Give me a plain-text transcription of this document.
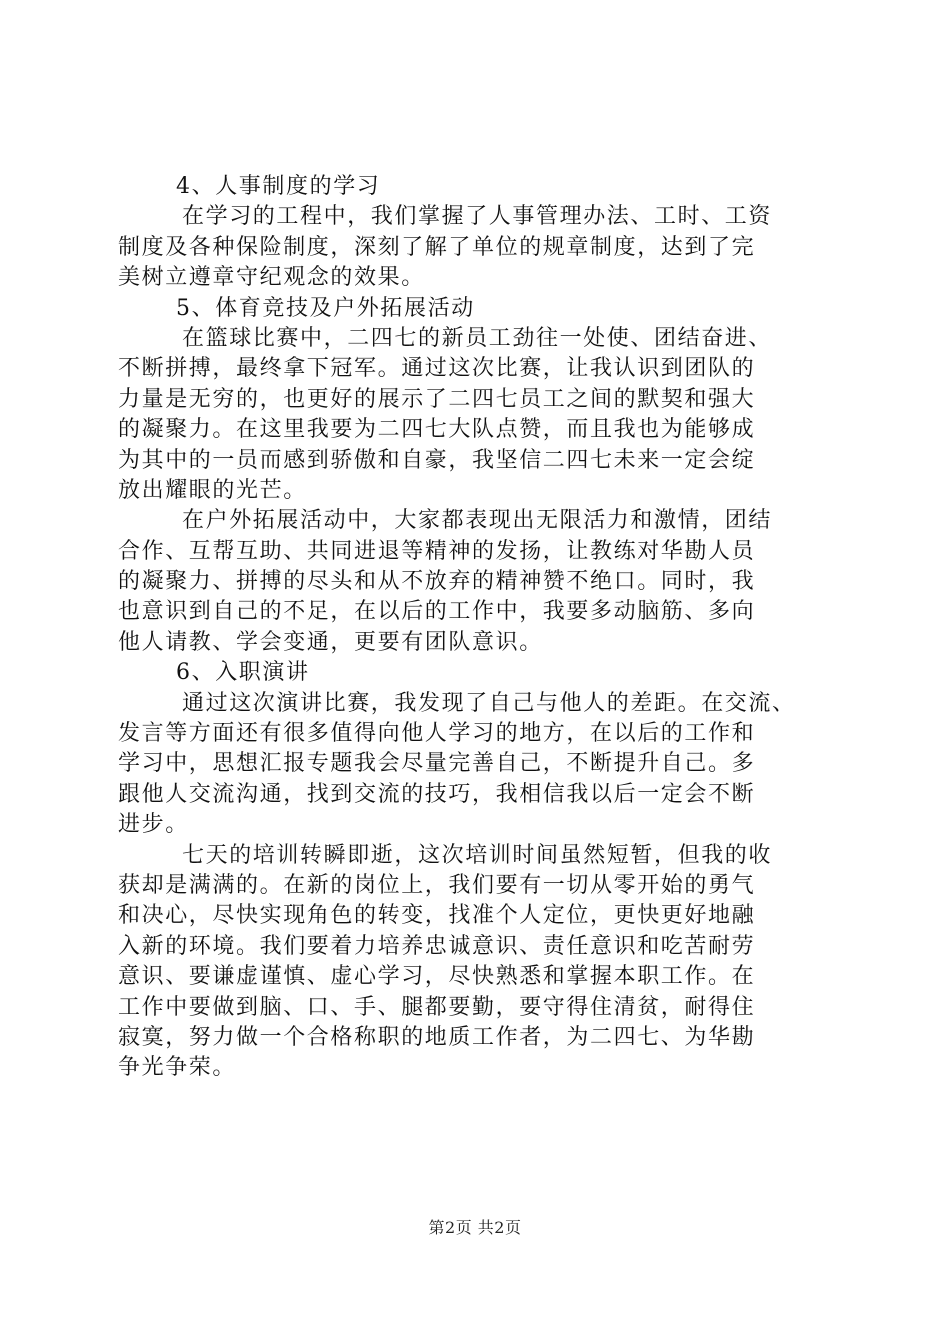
4、人事制度的学习
在学习的工程中，我们掌握了人事管理办法、工时、工资
制度及各种保险制度，深刻了解了单位的规章制度，达到了完
美树立遵章守纪观念的效果。
5、体育竞技及户外拓展活动
在篮球比赛中，二四七的新员工劲往一处使、团结奋进、
不断拼搏，最终拿下冠军。通过这次比赛，让我认识到团队的
力量是无穷的，也更好的展示了二四七员工之间的默契和强大
的凝聚力。在这里我要为二四七大队点赞，而且我也为能够成
为其中的一员而感到骄傲和自豪，我坚信二四七未来一定会绽
放出耀眼的光芒。
在户外拓展活动中，大家都表现出无限活力和激情，团结
合作、互帮互助、共同进退等精神的发扬，让教练对华勘人员
的凝聚力、拼搏的尽头和从不放弃的精神赞不绝口。同时，我
也意识到自己的不足，在以后的工作中，我要多动脑筋、多向
他人请教、学会变通，更要有团队意识。
6、入职演讲
通过这次演讲比赛，我发现了自己与他人的差距。在交流、
发言等方面还有很多值得向他人学习的地方，在以后的工作和
学习中，思想汇报专题我会尽量完善自己，不断提升自己。多
跟他人交流沟通，找到交流的技巧，我相信我以后一定会不断
进步。
七天的培训转瞬即逝，这次培训时间虽然短暂，但我的收
获却是满满的。在新的岗位上，我们要有一切从零开始的勇气
和决心，尽快实现角色的转变，找准个人定位，更快更好地融
入新的环境。我们要着力培养忠诚意识、责任意识和吃苦耐劳
意识、要谦虚谨慎、虚心学习，尽快熟悉和掌握本职工作。在
工作中要做到脑、口、手、腿都要勤，要守得住清贫，耐得住
寂寞，努力做一个合格称职的地质工作者，为二四七、为华勘
争光争荣。
第2页 共2页
